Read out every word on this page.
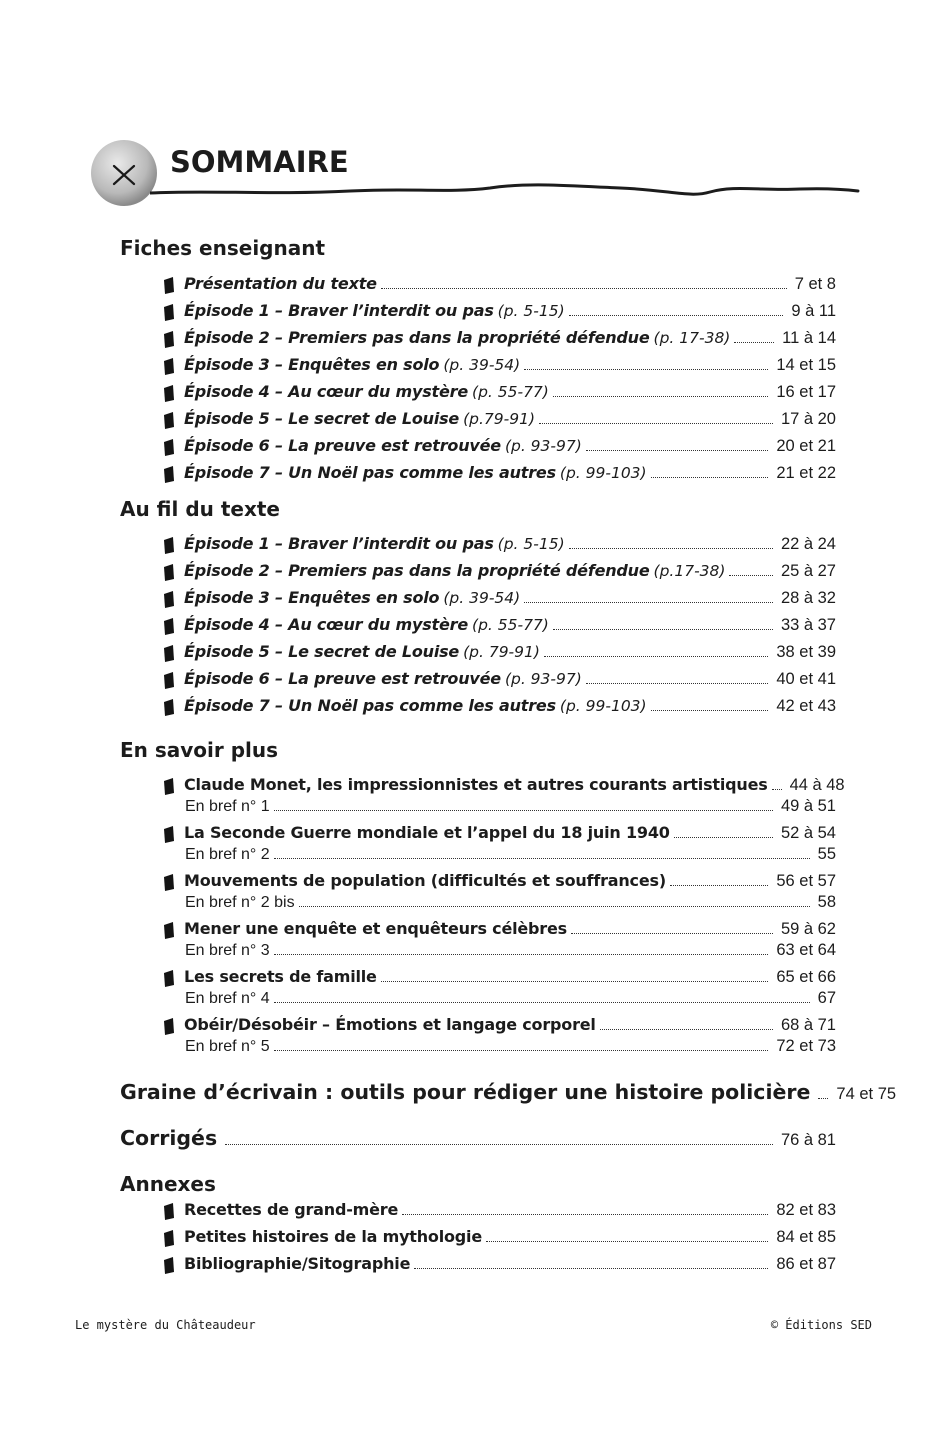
SOMMAIRE
Fiches enseignant
Présentation du texte	7 et 8
Épisode 1 – Braver l’interdit ou pas (p. 5-15)	9 à 11
Épisode 2 – Premiers pas dans la propriété défendue (p. 17-38)	11 à 14
Épisode 3 – Enquêtes en solo (p. 39-54)	14 et 15
Épisode 4 – Au cœur du mystère (p. 55-77)	16 et 17
Épisode 5 – Le secret de Louise (p.79-91)	17 à 20
Épisode 6 – La preuve est retrouvée (p. 93-97)	20 et 21
Épisode 7 – Un Noël pas comme les autres (p. 99-103)	21 et 22
Au fil du texte
Épisode 1 – Braver l’interdit ou pas (p. 5-15)	22 à 24
Épisode 2 – Premiers pas dans la propriété défendue (p.17-38)	25 à 27
Épisode 3 – Enquêtes en solo (p. 39-54)	28 à 32
Épisode 4 – Au cœur du mystère (p. 55-77)	33 à 37
Épisode 5 – Le secret de Louise (p. 79-91)	38 et 39
Épisode 6 – La preuve est retrouvée (p. 93-97)	40 et 41
Épisode 7 – Un Noël pas comme les autres (p. 99-103)	42 et 43
En savoir plus
Claude Monet, les impressionnistes et autres courants artistiques 44 à 48
En bref n° 1	49 à 51
La Seconde Guerre mondiale et l’appel du 18 juin 1940	52 à 54
En bref n° 2	55
Mouvements de population (difficultés et souffrances)	56 et 57
En bref n° 2 bis	58
Mener une enquête et enquêteurs célèbres	59 à 62
En bref n° 3	63 et 64
Les secrets de famille	65 et 66
En bref n° 4	67
Obéir/Désobéir – Émotions et langage corporel	68 à 71
En bref n° 5	72 et 73
Graine d’écrivain : outils pour rédiger une histoire policière 74 et 75
Corrigés	76 à 81
Annexes
Recettes de grand-mère	82 et 83
Petites histoires de la mythologie	84 et 85
Bibliographie/Sitographie	86 et 87
Le mystère du Châteaudeur	© Éditions SED
